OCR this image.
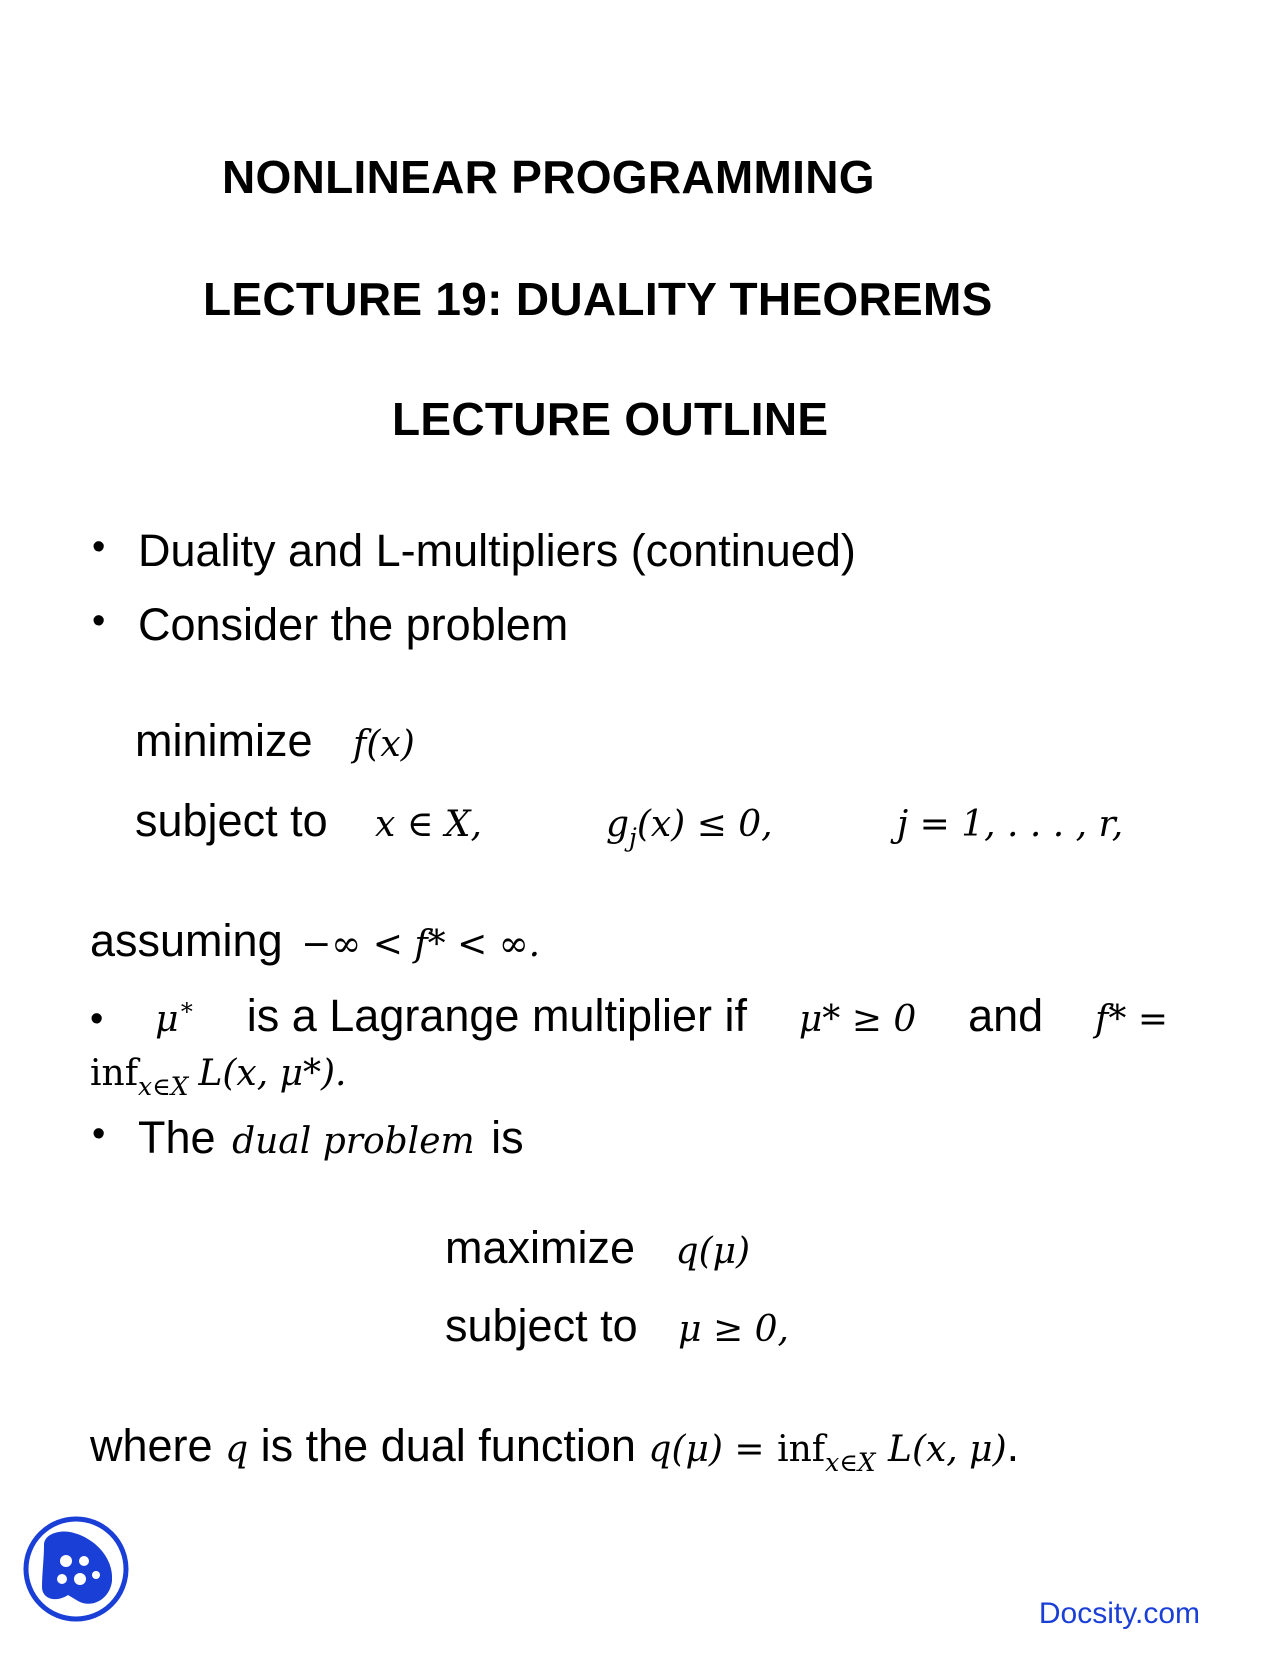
NONLINEAR PROGRAMMING
LECTURE 19: DUALITY THEOREMS
LECTURE OUTLINE
• Duality and L-multipliers (continued)
• Consider the problem
minimize f(x)
subject to x ∈ X,	$g_j(x) \le 0$,	j = 1, . . . , r,
assuming −∞ < f* < ∞.
• μ∗ is a Lagrange multiplier if μ* ≥ 0 and f* =
inf$_{x\in X}$ L(x, μ*).
• The dual problem is
maximize q(μ)
subject to μ ≥ 0,
where q is the dual function q(μ) = inf$_{x\in X}$ L(x, μ).
Docsity.com
